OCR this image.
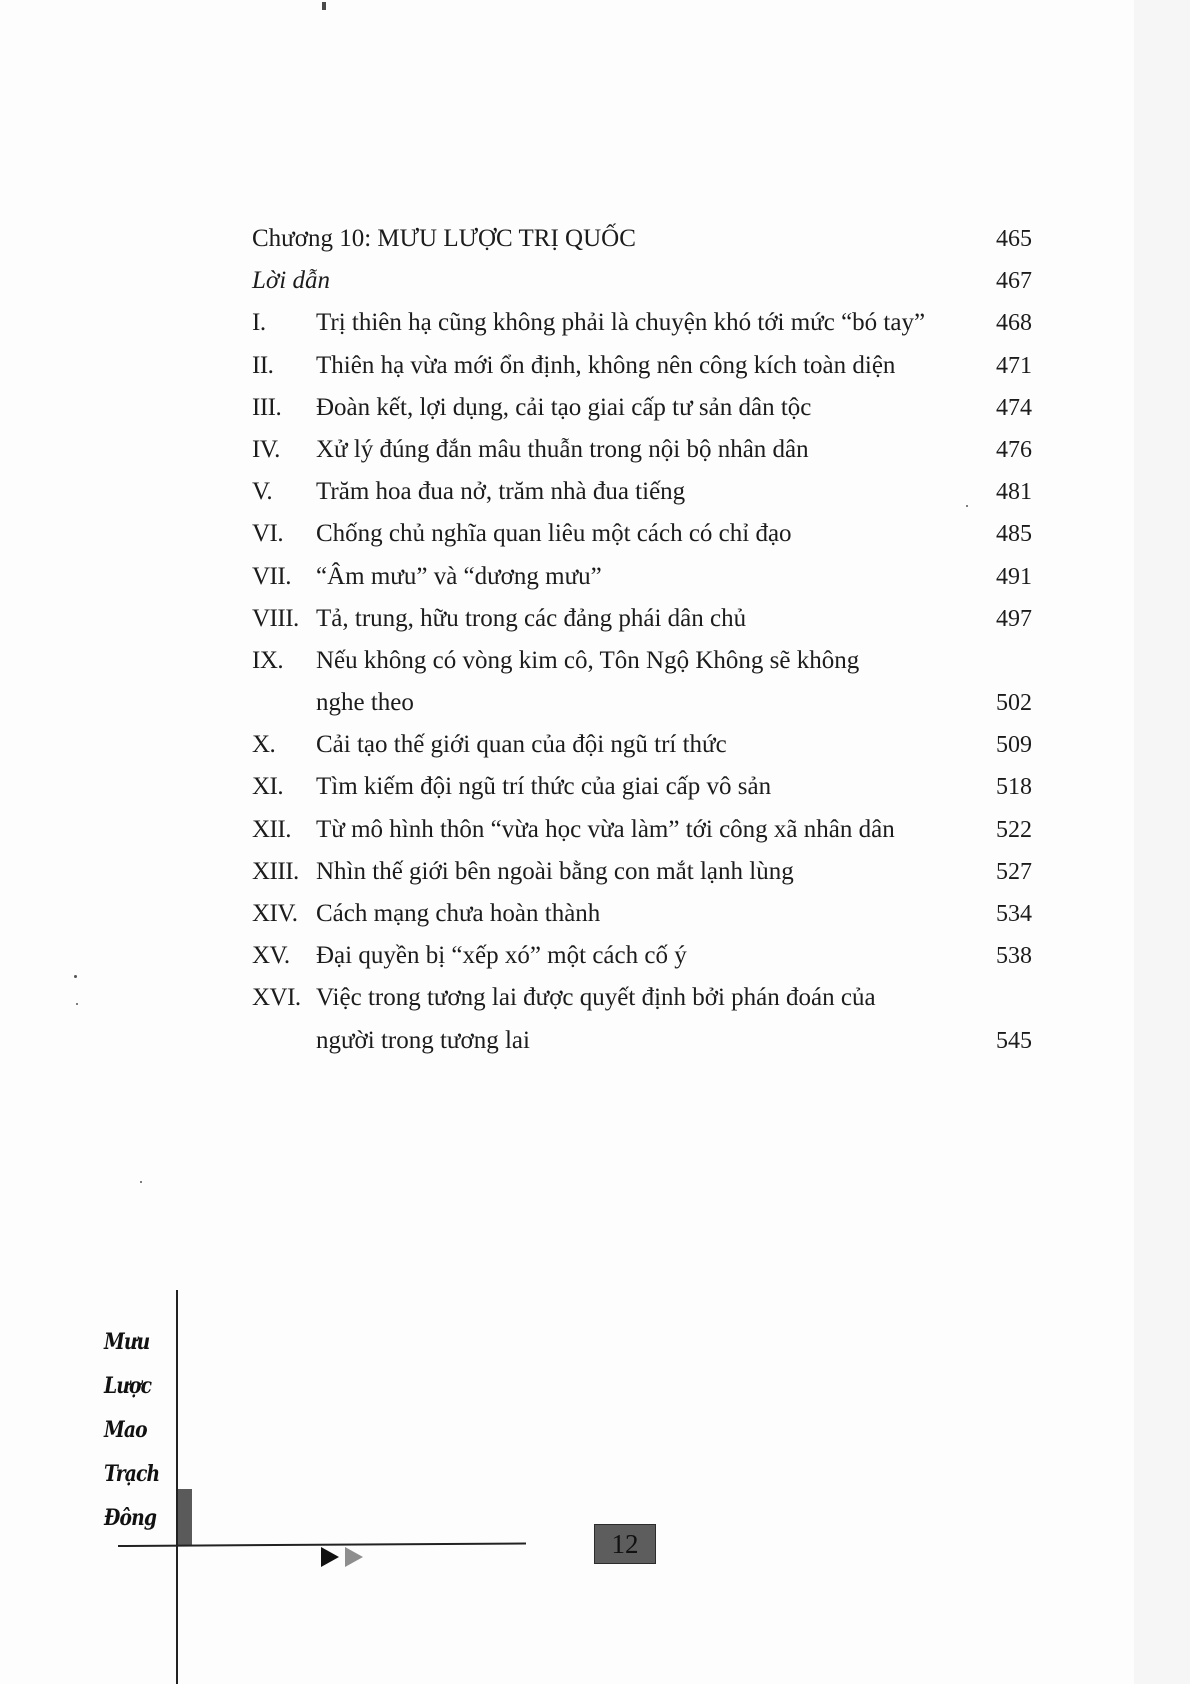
Chương 10: MƯU LƯỢC TRỊ QUỐC	465
Lời dẫn	467
I.	Trị thiên hạ cũng không phải là chuyện khó tới mức “bó tay”	468
II.	Thiên hạ vừa mới ổn định, không nên công kích toàn diện	471
III.	Đoàn kết, lợi dụng, cải tạo giai cấp tư sản dân tộc	474
IV.	Xử lý đúng đắn mâu thuẫn trong nội bộ nhân dân	476
V.	Trăm hoa đua nở, trăm nhà đua tiếng	481
VI.	Chống chủ nghĩa quan liêu một cách có chỉ đạo	485
VII.	“Âm mưu” và “dương mưu”	491
VIII. Tả, trung, hữu trong các đảng phái dân chủ	497
IX.	Nếu không có vòng kim cô, Tôn Ngộ Không sẽ không nghe theo	502
X.	Cải tạo thế giới quan của đội ngũ trí thức	509
XI.	Tìm kiếm đội ngũ trí thức của giai cấp vô sản	518
XII.	Từ mô hình thôn “vừa học vừa làm” tới công xã nhân dân	522
XIII. Nhìn thế giới bên ngoài bằng con mắt lạnh lùng	527
XIV. Cách mạng chưa hoàn thành	534
XV.	Đại quyền bị “xếp xó” một cách cố ý	538
XVI. Việc trong tương lai được quyết định bởi phán đoán của người trong tương lai	545
Mưu
Lược
Mao
Trạch
Đông
12
